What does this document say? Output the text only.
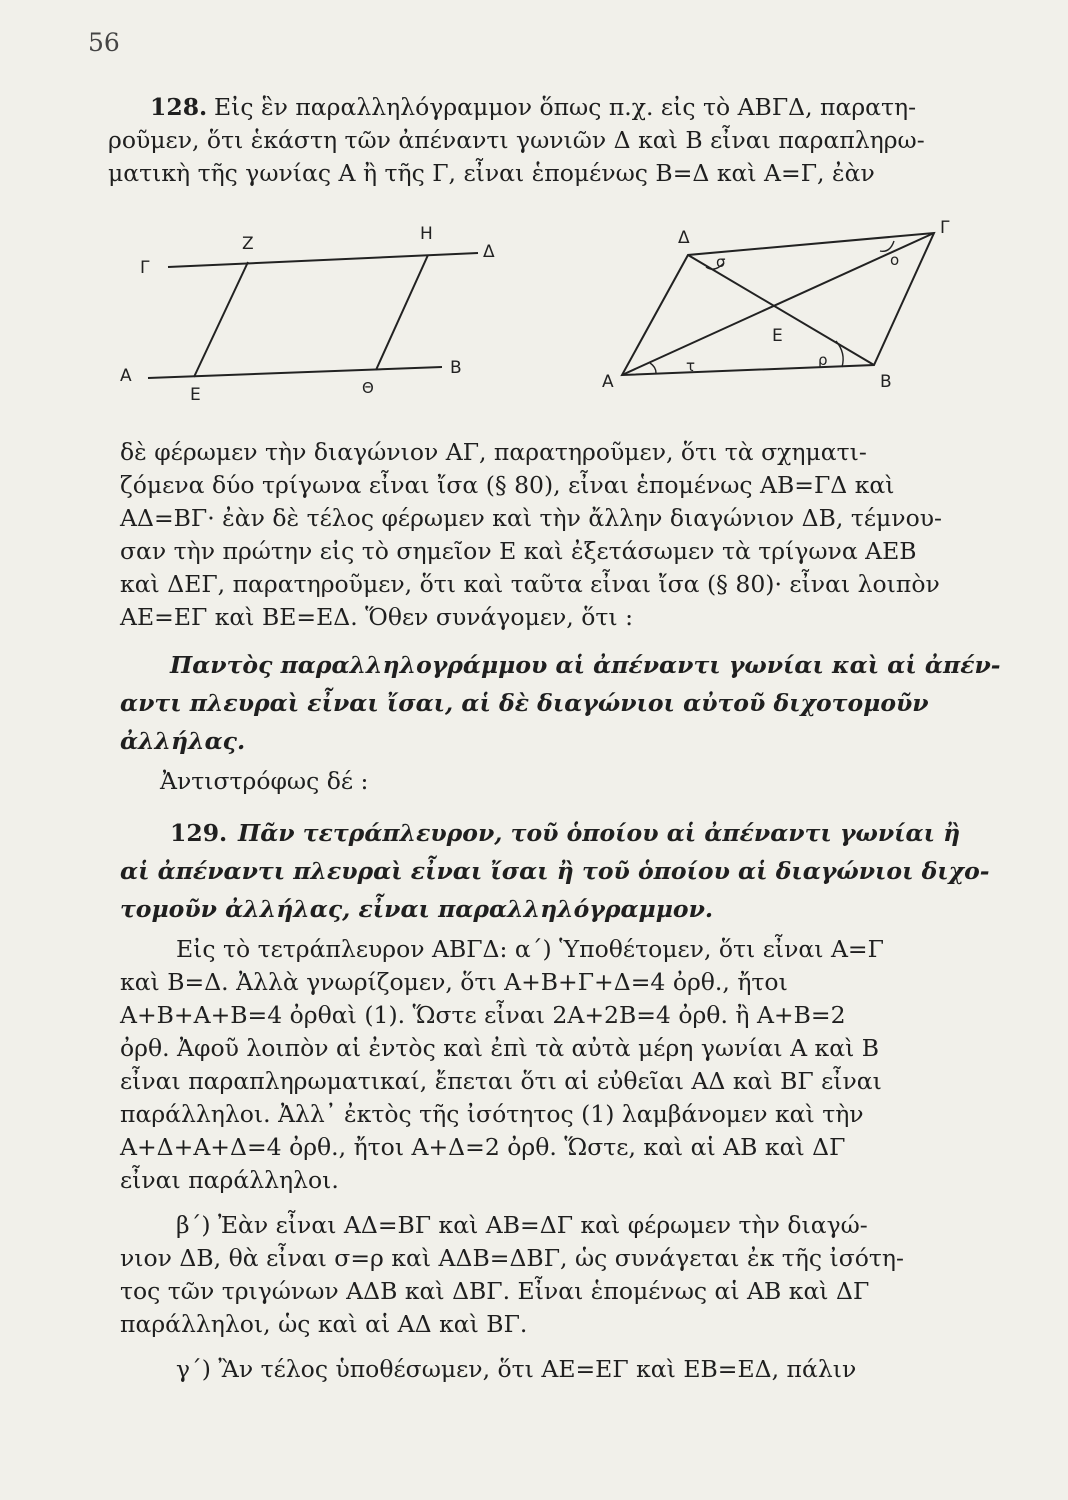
56
128. Εἰς ἓν παραλληλόγραμμον ὅπως π.χ. εἰς τὸ ΑΒΓΔ, παρατη-
ροῦμεν, ὅτι ἑκάστη τῶν ἀπέναντι γωνιῶν Δ καὶ Β εἶναι παραπληρω-
ματικὴ τῆς γωνίας Α ἢ τῆς Γ, εἶναι ἑπομένως Β=Δ καὶ Α=Γ, ἐὰν
Γ
Ζ	Η
Δ
Α
Ε	Θ
Β
Δ	Γ
Α	Β
Ε
σ	ο
τ	ρ
δὲ φέρωμεν τὴν διαγώνιον ΑΓ, παρατηροῦμεν, ὅτι τὰ σχηματι-
ζόμενα δύο τρίγωνα εἶναι ἴσα (§ 80), εἶναι ἑπομένως ΑΒ=ΓΔ καὶ
ΑΔ=ΒΓ· ἐὰν δὲ τέλος φέρωμεν καὶ τὴν ἄλλην διαγώνιον ΔΒ, τέμνου-
σαν τὴν πρώτην εἰς τὸ σημεῖον Ε καὶ ἐξετάσωμεν τὰ τρίγωνα ΑΕΒ
καὶ ΔΕΓ, παρατηροῦμεν, ὅτι καὶ ταῦτα εἶναι ἴσα (§ 80)· εἶναι λοιπὸν
ΑΕ=ΕΓ καὶ ΒΕ=ΕΔ. Ὅθεν συνάγομεν, ὅτι :
Παντὸς παραλληλογράμμου αἱ ἀπέναντι γωνίαι καὶ αἱ ἀπέν-
αντι πλευραὶ εἶναι ἴσαι, αἱ δὲ διαγώνιοι αὐτοῦ διχοτομοῦν
ἀλλήλας.
Ἀντιστρόφως δέ :
129. Πᾶν τετράπλευρον, τοῦ ὁποίου αἱ ἀπέναντι γωνίαι ἢ
αἱ ἀπέναντι πλευραὶ εἶναι ἴσαι ἢ τοῦ ὁποίου αἱ διαγώνιοι διχο-
τομοῦν ἀλλήλας, εἶναι παραλληλόγραμμον.
Εἰς τὸ τετράπλευρον ΑΒΓΔ: α΄) Ὑποθέτομεν, ὅτι εἶναι Α=Γ
καὶ Β=Δ. Ἀλλὰ γνωρίζομεν, ὅτι Α+Β+Γ+Δ=4 ὀρθ., ἤτοι
Α+Β+Α+Β=4 ὀρθαὶ (1). Ὥστε εἶναι 2Α+2Β=4 ὀρθ. ἢ Α+Β=2
ὀρθ. Ἀφοῦ λοιπὸν αἱ ἐντὸς καὶ ἐπὶ τὰ αὐτὰ μέρη γωνίαι Α καὶ Β
εἶναι παραπληρωματικαί, ἔπεται ὅτι αἱ εὐθεῖαι ΑΔ καὶ ΒΓ εἶναι
παράλληλοι. Ἀλλ᾽ ἐκτὸς τῆς ἰσότητος (1) λαμβάνομεν καὶ τὴν
Α+Δ+Α+Δ=4 ὀρθ., ἤτοι Α+Δ=2 ὀρθ. Ὥστε, καὶ αἱ ΑΒ καὶ ΔΓ
εἶναι παράλληλοι.
β΄) Ἐὰν εἶναι ΑΔ=ΒΓ καὶ ΑΒ=ΔΓ καὶ φέρωμεν τὴν διαγώ-
νιον ΔΒ, θὰ εἶναι σ=ρ καὶ ΑΔΒ=ΔΒΓ, ὡς συνάγεται ἐκ τῆς ἰσότη-
τος τῶν τριγώνων ΑΔΒ καὶ ΔΒΓ. Εἶναι ἑπομένως αἱ ΑΒ καὶ ΔΓ
παράλληλοι, ὡς καὶ αἱ ΑΔ καὶ ΒΓ.
γ΄) Ἂν τέλος ὑποθέσωμεν, ὅτι ΑΕ=ΕΓ καὶ ΕΒ=ΕΔ, πάλιν
